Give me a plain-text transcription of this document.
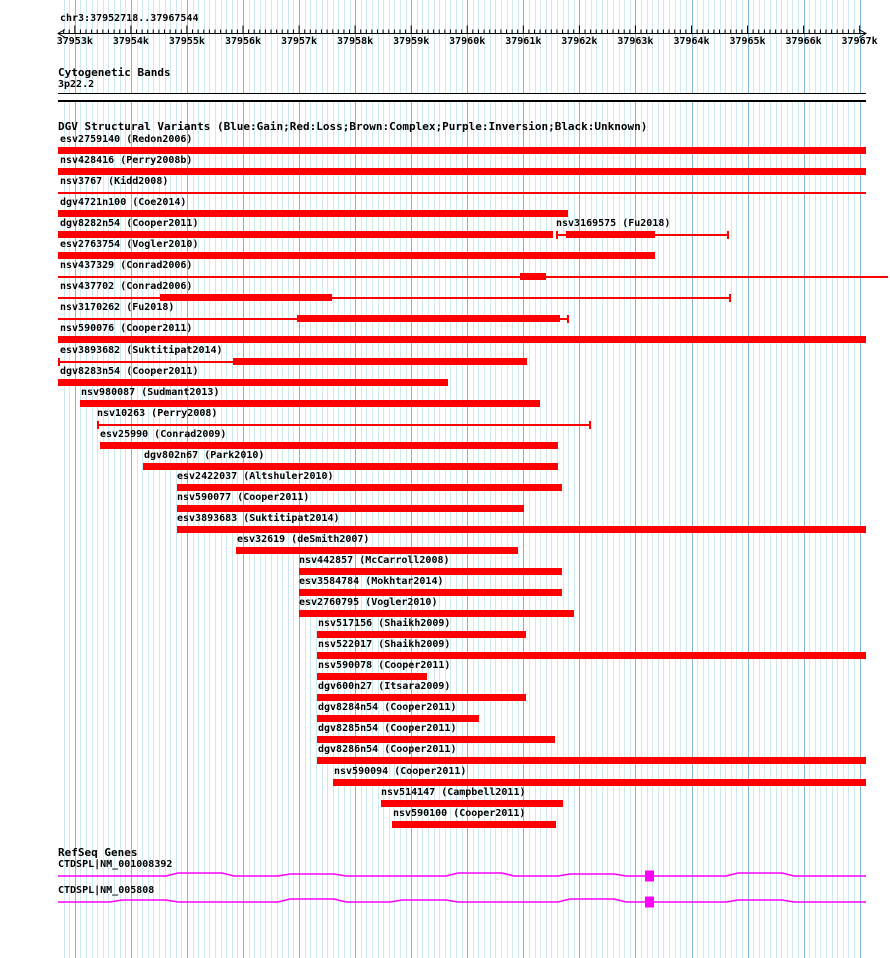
chr3:37952718..37967544
37953k 37954k 37955k 37956k 37957k 37958k 37959k 37960k 37961k 37962k 37963k 37964k 37965k 37966k 37967k
Cytogenetic Bands
3p22.2
DGV Structural Variants (Blue:Gain;Red:Loss;Brown:Complex;Purple:Inversion;Black:Unknown)
esv2759140 (Redon2006)
nsv428416 (Perry2008b)
nsv3767 (Kidd2008)
dgv4721n100 (Coe2014)
dgv8282n54 (Cooper2011)	nsv3169575 (Fu2018)
esv2763754 (Vogler2010)
nsv437329 (Conrad2006)
nsv437702 (Conrad2006)
nsv3170262 (Fu2018)
nsv590076 (Cooper2011)
esv3893682 (Suktitipat2014)
dgv8283n54 (Cooper2011)
nsv980087 (Sudmant2013)
nsv10263 (Perry2008)
esv25990 (Conrad2009)
dgv802n67 (Park2010)
esv2422037 (Altshuler2010)
nsv590077 (Cooper2011)
esv3893683 (Suktitipat2014)
esv32619 (deSmith2007)
nsv442857 (McCarroll2008)
esv3584784 (Mokhtar2014)
esv2760795 (Vogler2010)
nsv517156 (Shaikh2009)
nsv522017 (Shaikh2009)
nsv590078 (Cooper2011)
dgv600n27 (Itsara2009)
dgv8284n54 (Cooper2011)
dgv8285n54 (Cooper2011)
dgv8286n54 (Cooper2011)
nsv590094 (Cooper2011)
nsv514147 (Campbell2011)
nsv590100 (Cooper2011)
RefSeq Genes
CTDSPL|NM_001008392
CTDSPL|NM_005808
